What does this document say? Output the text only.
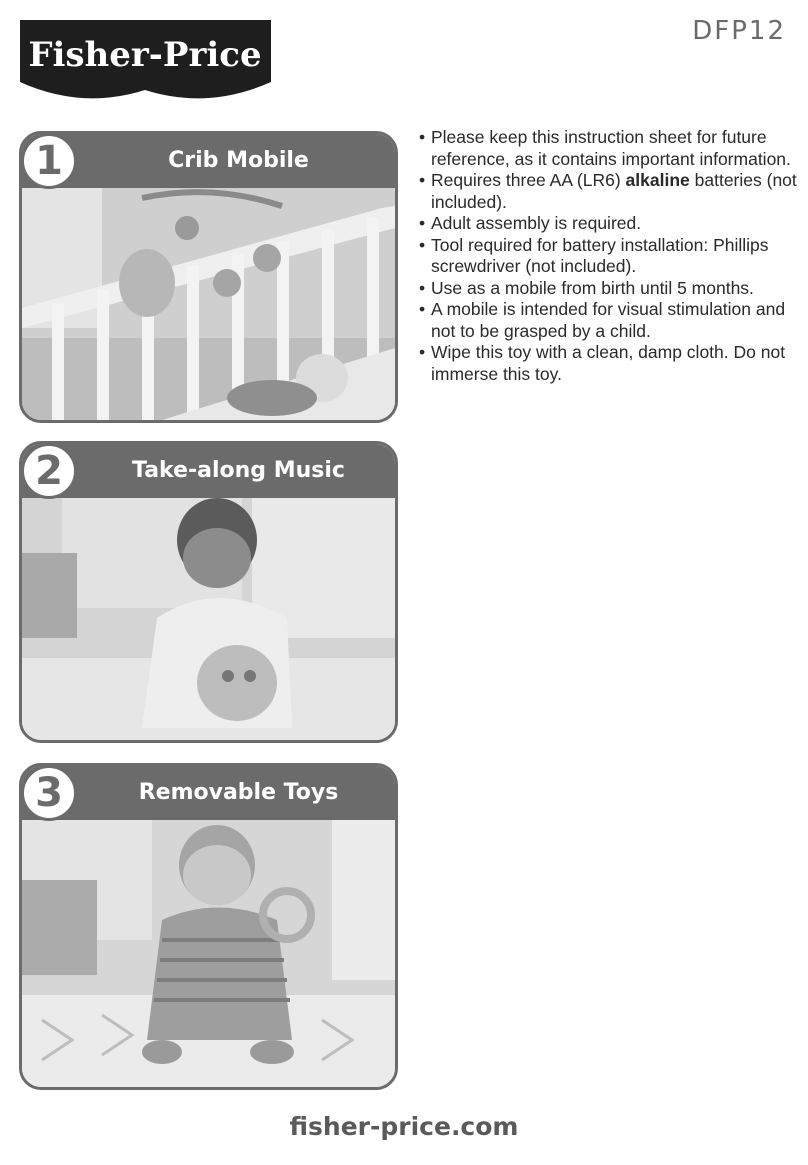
Fisher-Price
DFP12
Crib Mobile
1
Take-along Music
2
Removable Toys
3
• Please keep this instruction sheet for future reference, as it contains important information.
• Requires three AA (LR6) alkaline batteries (not included).
• Adult assembly is required.
• Tool required for battery installation: Phillips screwdriver (not included).
• Use as a mobile from birth until 5 months.
• A mobile is intended for visual stimulation and not to be grasped by a child.
• Wipe this toy with a clean, damp cloth. Do not immerse this toy.
fisher-price.com
